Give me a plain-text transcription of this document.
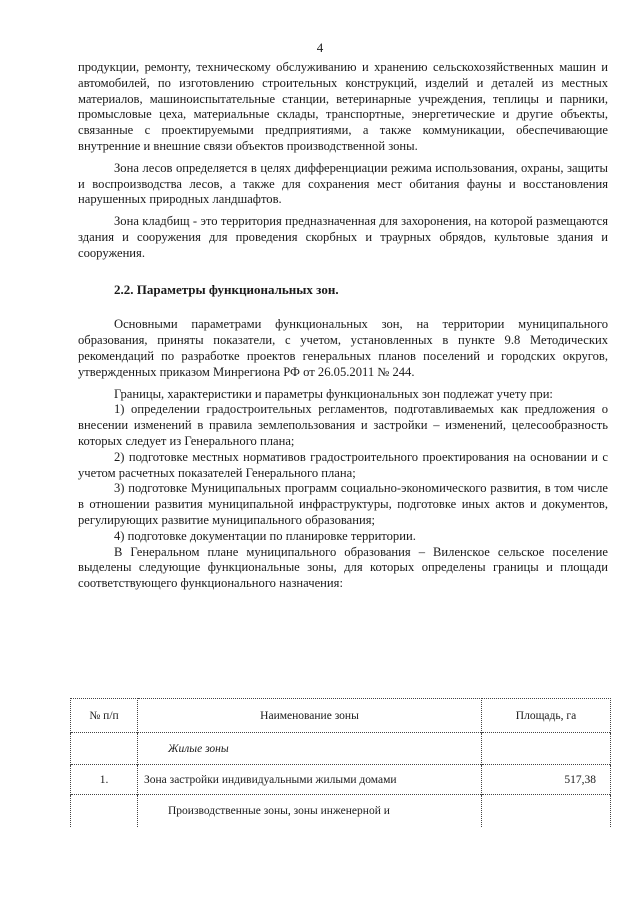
4

продукции, ремонту, техническому обслуживанию и хранению сельскохозяйственных машин и автомобилей, по изготовлению строительных конструкций, изделий и деталей из местных материалов, машиноиспытательные станции, ветеринарные учреждения, теплицы и парники, промысловые цеха, материальные склады, транспортные, энергетические и другие объекты, связанные с проектируемыми предприятиями, а также коммуникации, обеспечивающие внутренние и внешние связи объектов производственной зоны.

Зона лесов определяется в целях дифференциации режима использования, охраны, защиты и воспроизводства лесов, а также для сохранения мест обитания фауны и восстановления нарушенных природных ландшафтов.

Зона кладбищ - это территория предназначенная для захоронения, на которой размещаются здания и сооружения для проведения скорбных и траурных обрядов, культовые здания и сооружения.

2.2. Параметры функциональных зон.

Основными параметрами функциональных зон, на территории муниципального образования, приняты показатели, с учетом, установленных в пункте 9.8 Методических рекомендаций по разработке проектов генеральных планов поселений и городских округов, утвержденных приказом Минрегиона РФ от 26.05.2011 № 244.

Границы, характеристики и параметры функциональных зон подлежат учету при:

1) определении градостроительных регламентов, подготавливаемых как предложения о внесении изменений в правила землепользования и застройки – изменений, целесообразность которых следует из Генерального плана;

2) подготовке местных нормативов градостроительного проектирования на основании и с учетом расчетных показателей Генерального плана;

3) подготовке Муниципальных программ социально-экономического развития, в том числе в отношении развития муниципальной инфраструктуры, подготовке иных актов и документов, регулирующих развитие муниципального образования;

4) подготовке документации по планировке территории.

В Генеральном плане муниципального образования – Виленское сельское поселение выделены следующие функциональные зоны, для которых определены границы и площади соответствующего функционального назначения:

№ п/п	Наименование зоны	Площадь, га
	Жилые зоны	
1.	Зона застройки индивидуальными жилыми домами	517,38
	Производственные зоны, зоны инженерной и	
